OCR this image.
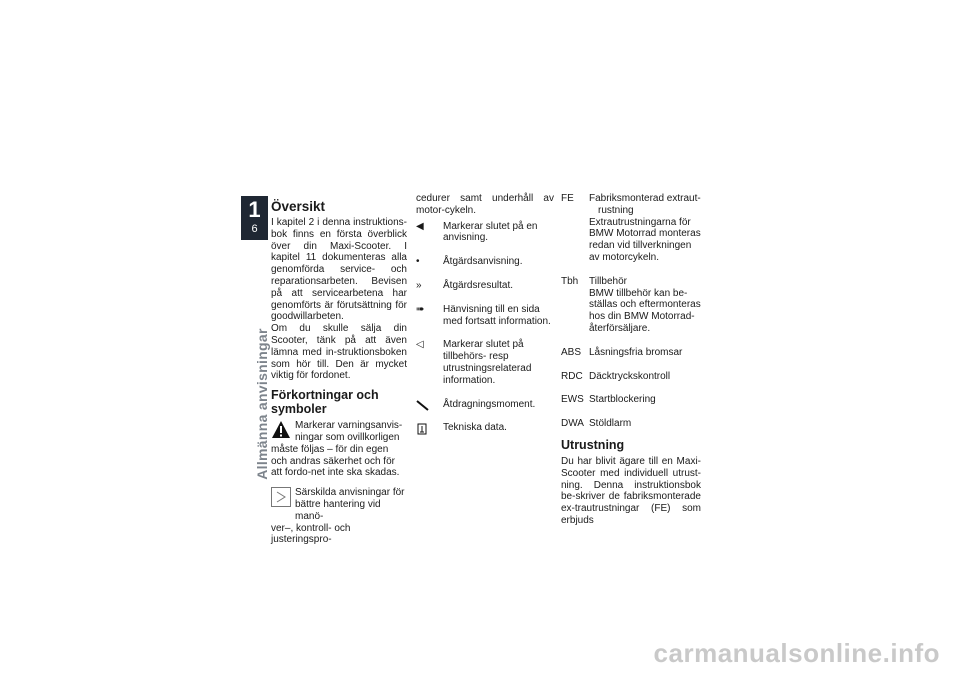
1
6
Allmänna anvisningar
Översikt

I kapitel 2 i denna instruktions-bok finns en första överblick över din Maxi-Scooter. I kapitel 11 dokumenteras alla genomförda service- och reparationsarbeten. Bevisen på att servicearbetena har genomförts är förutsättning för goodwillarbeten.

Om du skulle sälja din Scooter, tänk på att även lämna med in-struktionsboken som hör till. Den är mycket viktig för fordonet.

Förkortningar och symboler

Markerar varningsanvis-ningar som ovillkorligen

måste följas – för din egen och andras säkerhet och för att fordo-net inte ska skadas.

Särskilda anvisningar för bättre hantering vid manö-

ver–, kontroll- och justeringspro-

cedurer samt underhåll av motor-cykeln.

◀	Markerar slutet på en anvisning.
•	Åtgärdsanvisning.
»	Åtgärdsresultat.
➠	Hänvisning till en sida med fortsatt information.
◁	Markerar slutet på tillbehörs- resp utrustningsrelaterad information.
Åtdragningsmoment.
Tekniska data.
FE Fabriksmonterad extraut-
rustning
Extrautrustningarna för BMW Motorrad monteras redan vid tillverkningen av motorcykeln.
Tbh Tillbehör
BMW tillbehör kan be-ställas och eftermonteras hos din BMW Motorrad-återförsäljare.
ABS Låsningsfria bromsar
RDC Däcktryckskontroll
EWS Startblockering
DWA Stöldlarm
Utrustning

Du har blivit ägare till en Maxi-Scooter med individuell utrust-ning. Denna instruktionsbok be-skriver de fabriksmonterade ex-trautrustningar (FE) som erbjuds

carmanualsonline.info
